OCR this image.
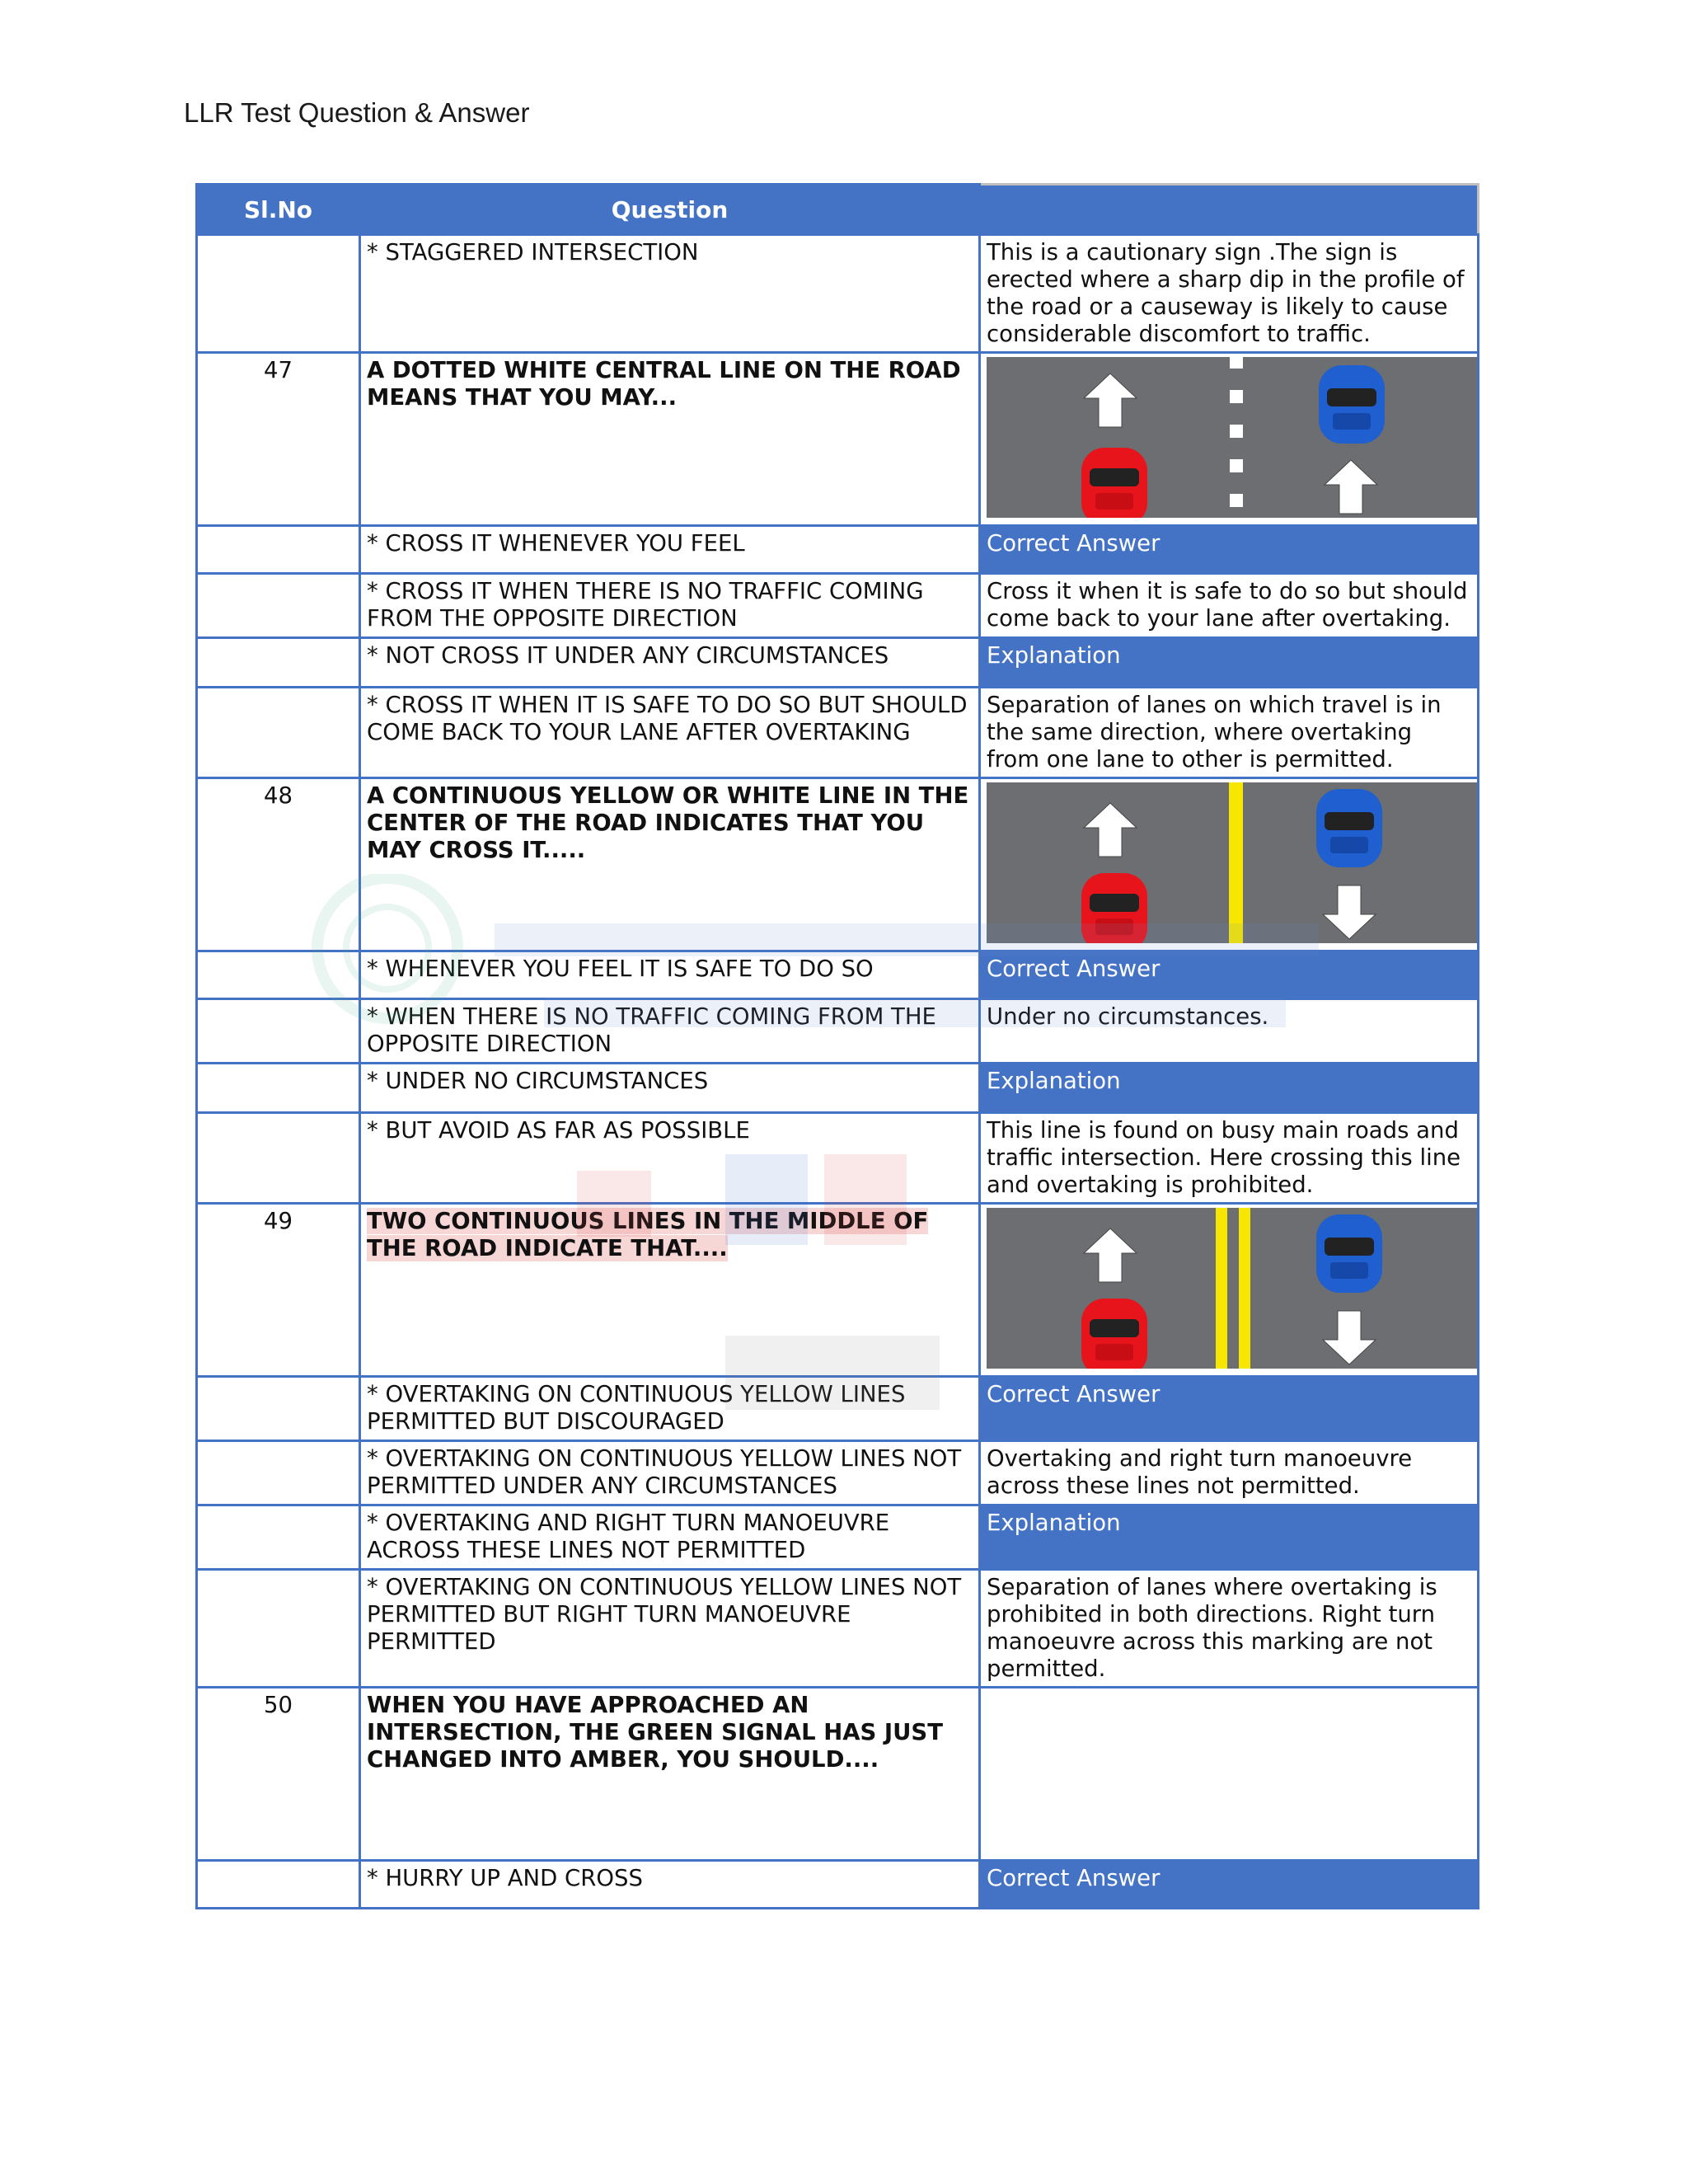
LLR Test Question & Answer
Sl.No	Question	
	* STAGGERED INTERSECTION	This is a cautionary sign .The sign is erected where a sharp dip in the profile of the road or a causeway is likely to cause considerable discomfort to traffic.
47	A DOTTED WHITE CENTRAL LINE ON THE ROAD MEANS THAT YOU MAY...	

	* CROSS IT WHENEVER YOU FEEL	Correct Answer
	* CROSS IT WHEN THERE IS NO TRAFFIC COMING FROM THE OPPOSITE DIRECTION	Cross it when it is safe to do so but should come back to your lane after overtaking.
	* NOT CROSS IT UNDER ANY CIRCUMSTANCES	Explanation
	* CROSS IT WHEN IT IS SAFE TO DO SO BUT SHOULD COME BACK TO YOUR LANE AFTER OVERTAKING	Separation of lanes on which travel is in the same direction, where overtaking from one lane to other is permitted.
48	A CONTINUOUS YELLOW OR WHITE LINE IN THE CENTER OF THE ROAD INDICATES THAT YOU MAY CROSS IT.....	

	* WHENEVER YOU FEEL IT IS SAFE TO DO SO	Correct Answer
	* WHEN THERE IS NO TRAFFIC COMING FROM THE OPPOSITE DIRECTION	Under no circumstances.
	* UNDER NO CIRCUMSTANCES	Explanation
	* BUT AVOID AS FAR AS POSSIBLE	This line is found on busy main roads and traffic intersection. Here crossing this line and overtaking is prohibited.
49	TWO CONTINUOUS LINES IN THE MIDDLE OF THE ROAD INDICATE THAT....	

	* OVERTAKING ON CONTINUOUS YELLOW LINES PERMITTED BUT DISCOURAGED	Correct Answer
	* OVERTAKING ON CONTINUOUS YELLOW LINES NOT PERMITTED UNDER ANY CIRCUMSTANCES	Overtaking and right turn manoeuvre across these lines not permitted.
	* OVERTAKING AND RIGHT TURN MANOEUVRE ACROSS THESE LINES NOT PERMITTED	Explanation
	* OVERTAKING ON CONTINUOUS YELLOW LINES NOT PERMITTED BUT RIGHT TURN MANOEUVRE PERMITTED	Separation of lanes where overtaking is prohibited in both directions. Right turn manoeuvre across this marking are not permitted.
50	WHEN YOU HAVE APPROACHED AN INTERSECTION, THE GREEN SIGNAL HAS JUST CHANGED INTO AMBER, YOU SHOULD....	
	* HURRY UP AND CROSS	Correct Answer
